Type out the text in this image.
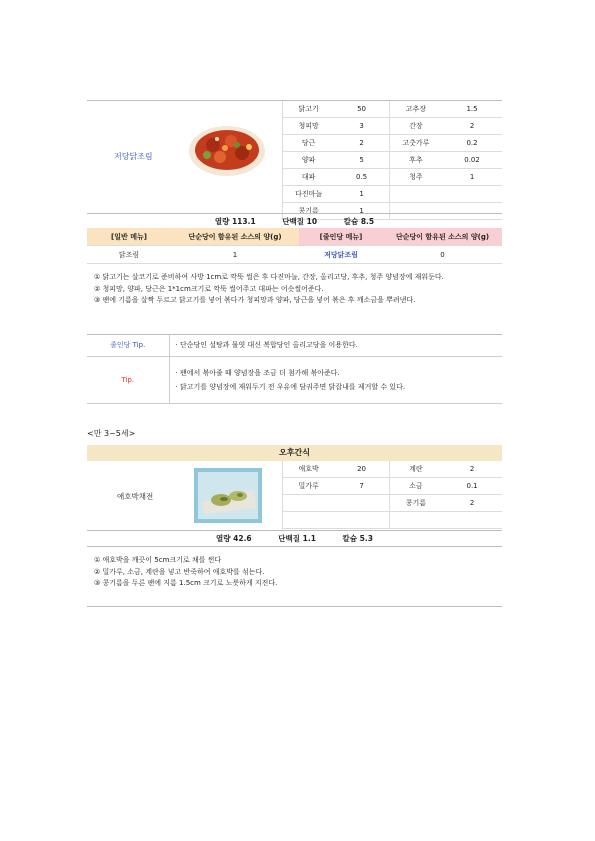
저당닭조림
닭고기	50	고추장	1.5
청피망	3	간장	2
당근	2	고춧가루	0.2
양파	5	후추	0.02
대파	0.5	청주	1
다진마늘	1		
콩기름	1		
열량 113.1	단백질 10	칼슘 8.5
[일반 메뉴]	단순당이 함유된 소스의 양(g)	[줄인당 메뉴]	단순당이 함유된 소스의 양(g)
닭조림	1	저당닭조림	0
① 닭고기는 살코기로 준비하여 사방 1cm로 깍뚝 썰은 후 다진마늘, 간장, 올리고당, 후추, 청주 양념장에 재워둔다.
② 청피망, 양파, 당근은 1*1cm크기로 깍뚝 썰어주고 대파는 어슷썰어준다.
③ 팬에 기름을 살짝 두르고 닭고기를 넣어 볶다가 청피망과 양파, 당근을 넣어 볶은 후 깨소금을 뿌려낸다.
줄인당 Tip.	· 단순당인 설탕과 물엿 대신 복합당인 올리고당을 이용한다.
Tip.	· 팬에서 볶아줄 때 양념장을 조금 더 첨가해 볶아준다.
· 닭고기를 양념장에 재워두기 전 우유에 담궈주면 닭잡내를 제거할 수 있다.
<만 3~5세>
오후간식
애호박채전
애호박	20	계란	2
밀가루	7	소금	0.1
		콩기름	2

열량 42.6	단백질 1.1	칼슘 5.3
① 애호박을 깨끗이 5cm크기로 채를 썬다
② 밀가루, 소금, 계란을 넣고 반죽하여 애호박를 섞는다.
③ 콩기름을 두른 팬에 지름 1.5cm 크기로 노릇하게 지진다.
